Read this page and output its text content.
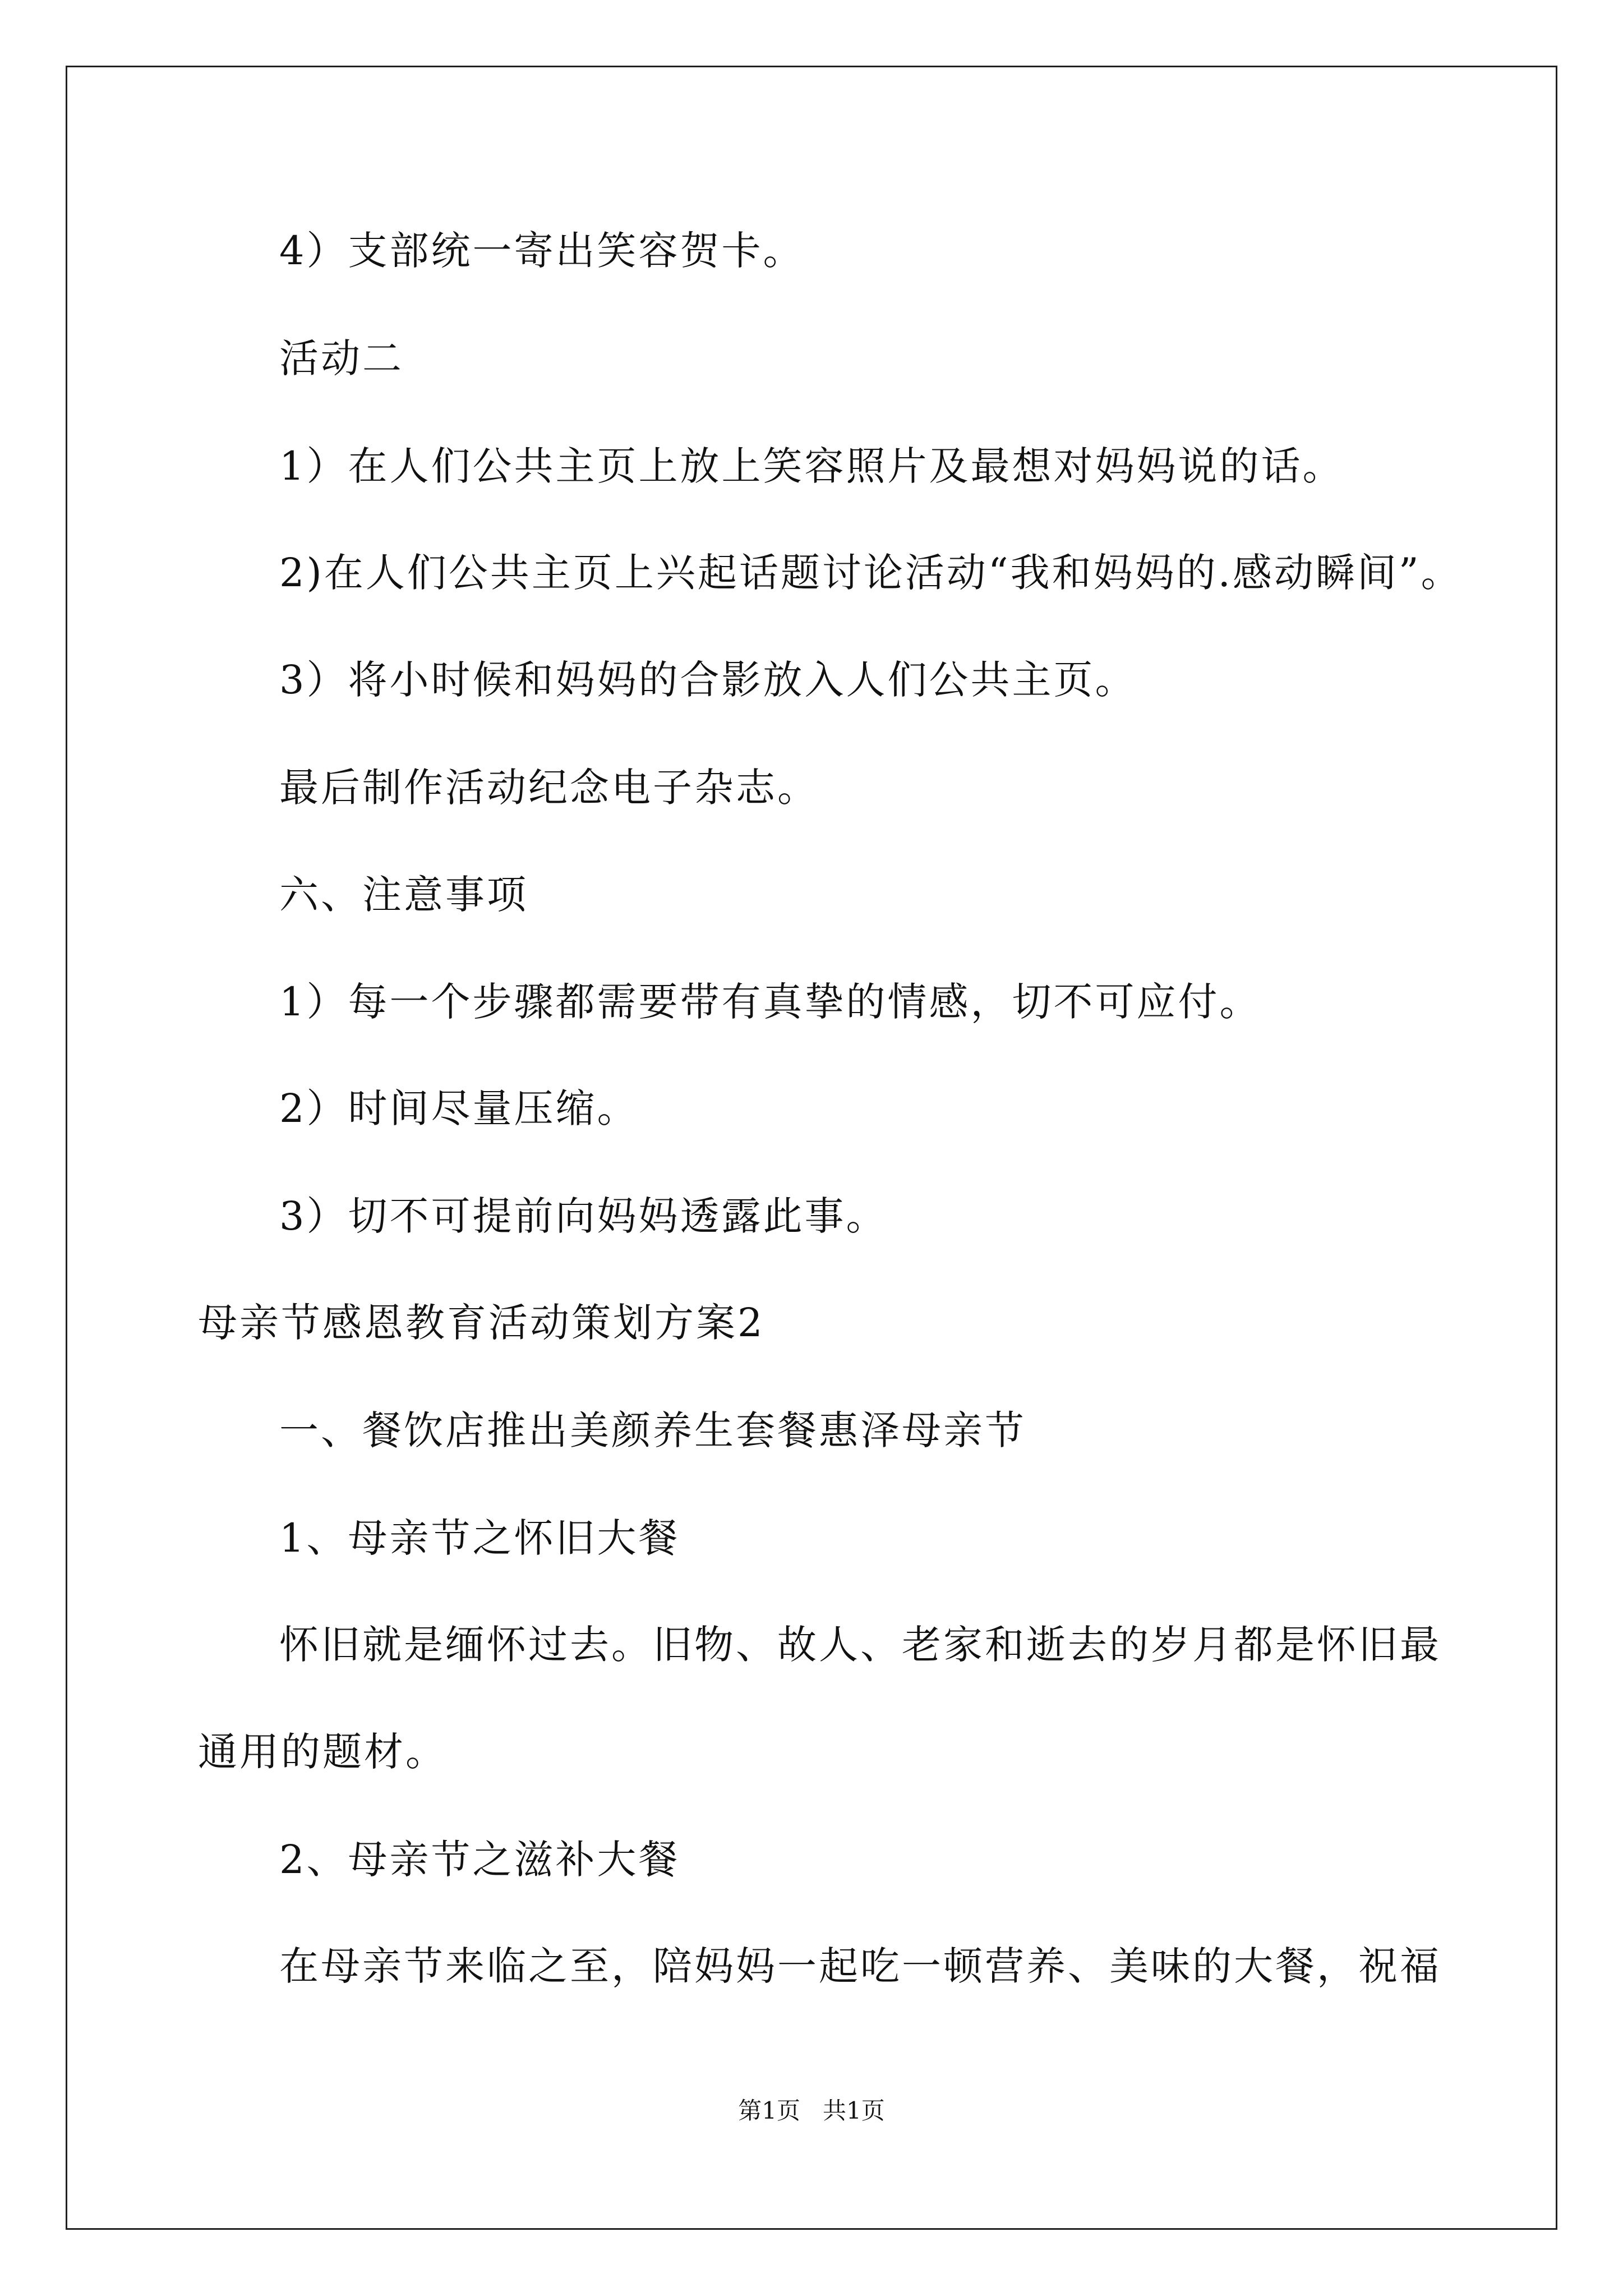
4）支部统一寄出笑容贺卡。
活动二
1）在人们公共主页上放上笑容照片及最想对妈妈说的话。
2)在人们公共主页上兴起话题讨论活动“我和妈妈的.感动瞬间”。
3）将小时候和妈妈的合影放入人们公共主页。
最后制作活动纪念电子杂志。
六、注意事项
1）每一个步骤都需要带有真挚的情感，切不可应付。
2）时间尽量压缩。
3）切不可提前向妈妈透露此事。
母亲节感恩教育活动策划方案2
一、餐饮店推出美颜养生套餐惠泽母亲节
1、母亲节之怀旧大餐
怀旧就是缅怀过去。旧物、故人、老家和逝去的岁月都是怀旧最
通用的题材。
2、母亲节之滋补大餐
在母亲节来临之至，陪妈妈一起吃一顿营养、美味的大餐，祝福
第1页   共1页
